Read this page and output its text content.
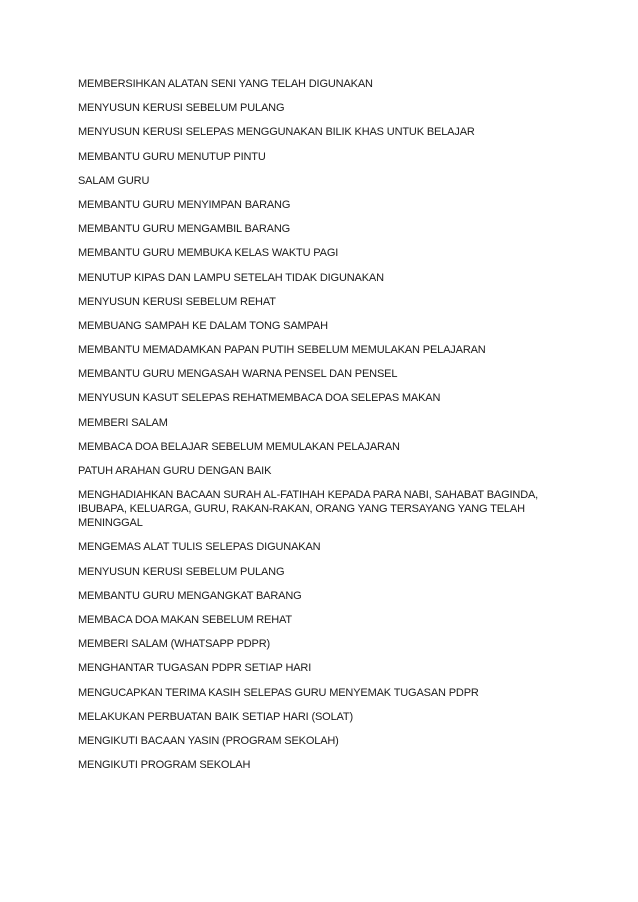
MEMBERSIHKAN ALATAN SENI YANG TELAH DIGUNAKAN
MENYUSUN KERUSI SEBELUM PULANG
MENYUSUN KERUSI SELEPAS MENGGUNAKAN BILIK KHAS UNTUK BELAJAR
MEMBANTU GURU MENUTUP PINTU
SALAM GURU
MEMBANTU GURU MENYIMPAN BARANG
MEMBANTU GURU MENGAMBIL BARANG
MEMBANTU GURU MEMBUKA KELAS WAKTU PAGI
MENUTUP KIPAS DAN LAMPU SETELAH TIDAK DIGUNAKAN
MENYUSUN KERUSI SEBELUM REHAT
MEMBUANG SAMPAH KE DALAM TONG SAMPAH
MEMBANTU MEMADAMKAN PAPAN PUTIH SEBELUM MEMULAKAN PELAJARAN
MEMBANTU GURU MENGASAH WARNA PENSEL DAN PENSEL
MENYUSUN KASUT SELEPAS REHATMEMBACA DOA SELEPAS MAKAN
MEMBERI SALAM
MEMBACA DOA BELAJAR SEBELUM MEMULAKAN PELAJARAN
PATUH ARAHAN GURU DENGAN BAIK
MENGHADIAHKAN BACAAN SURAH AL-FATIHAH KEPADA PARA NABI, SAHABAT BAGINDA, IBUBAPA, KELUARGA, GURU, RAKAN-RAKAN, ORANG YANG TERSAYANG YANG TELAH MENINGGAL
MENGEMAS ALAT TULIS SELEPAS DIGUNAKAN
MENYUSUN KERUSI SEBELUM PULANG
MEMBANTU GURU MENGANGKAT BARANG
MEMBACA DOA MAKAN SEBELUM REHAT
MEMBERI SALAM (WHATSAPP PDPR)
MENGHANTAR TUGASAN PDPR SETIAP HARI
MENGUCAPKAN TERIMA KASIH SELEPAS GURU MENYEMAK TUGASAN PDPR
MELAKUKAN PERBUATAN BAIK SETIAP HARI (SOLAT)
MENGIKUTI BACAAN YASIN (PROGRAM SEKOLAH)
MENGIKUTI PROGRAM SEKOLAH
